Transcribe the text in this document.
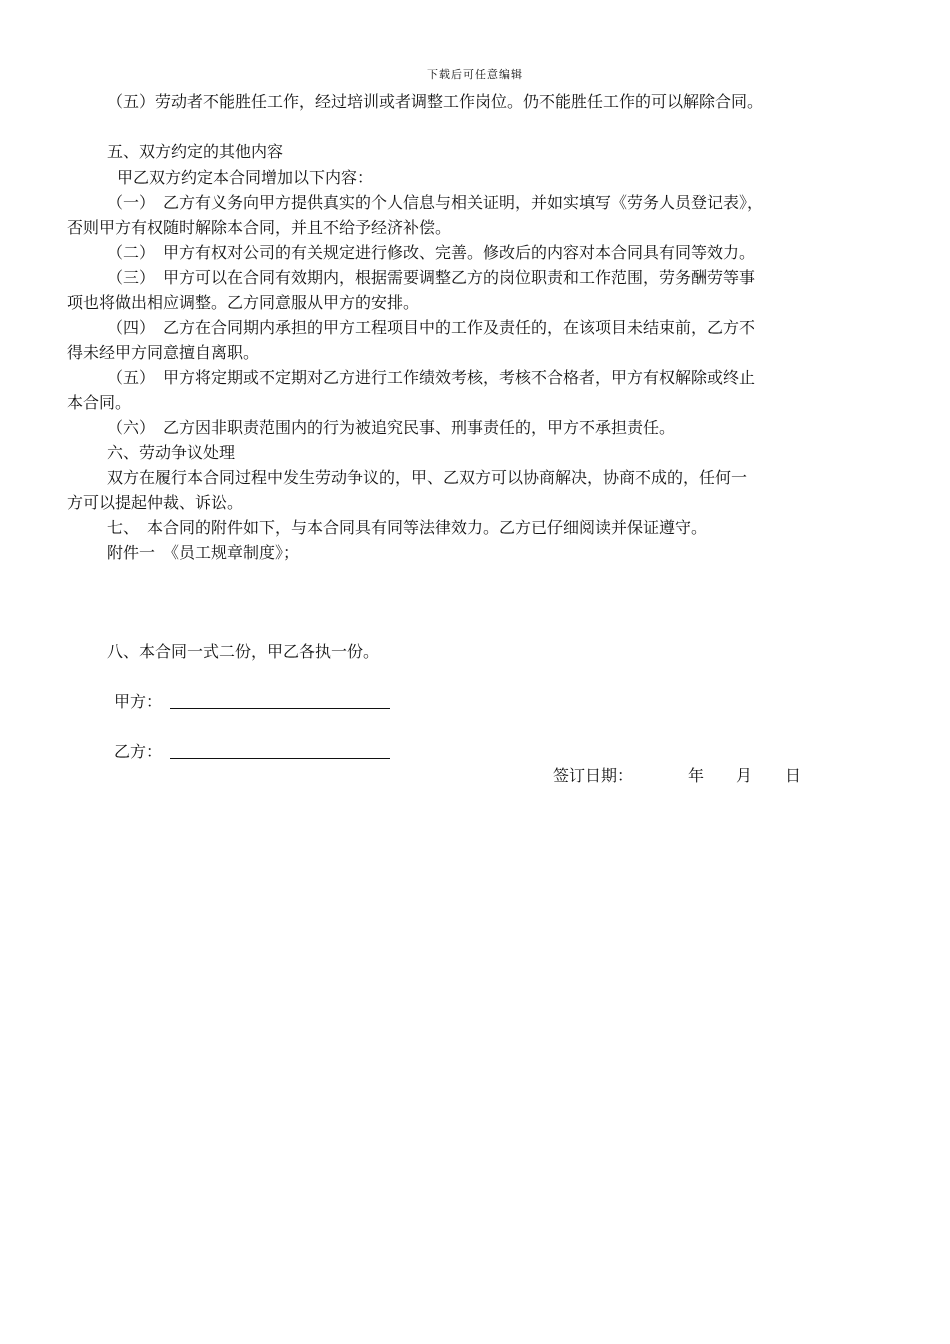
下载后可任意编辑
（五）劳动者不能胜任工作，经过培训或者调整工作岗位。仍不能胜任工作的可以解除合同。
五、双方约定的其他内容
甲乙双方约定本合同增加以下内容：
（一）　乙方有义务向甲方提供真实的个人信息与相关证明，并如实填写《劳务人员登记表》，
否则甲方有权随时解除本合同，并且不给予经济补偿。
（二）　甲方有权对公司的有关规定进行修改、完善。修改后的内容对本合同具有同等效力。
（三）　甲方可以在合同有效期内，根据需要调整乙方的岗位职责和工作范围，劳务酬劳等事
项也将做出相应调整。乙方同意服从甲方的安排。
（四）　乙方在合同期内承担的甲方工程项目中的工作及责任的，在该项目未结束前，乙方不
得未经甲方同意擅自离职。
（五）　甲方将定期或不定期对乙方进行工作绩效考核，考核不合格者，甲方有权解除或终止
本合同。
（六）　乙方因非职责范围内的行为被追究民事、刑事责任的，甲方不承担责任。
六、劳动争议处理
双方在履行本合同过程中发生劳动争议的，甲、乙双方可以协商解决，协商不成的，任何一
方可以提起仲裁、诉讼。
七、　本合同的附件如下，与本合同具有同等法律效力。乙方已仔细阅读并保证遵守。
附件一　《员工规章制度》；
八、本合同一式二份，甲乙各执一份。
甲方：
乙方：
签订日期：	年 月 日
